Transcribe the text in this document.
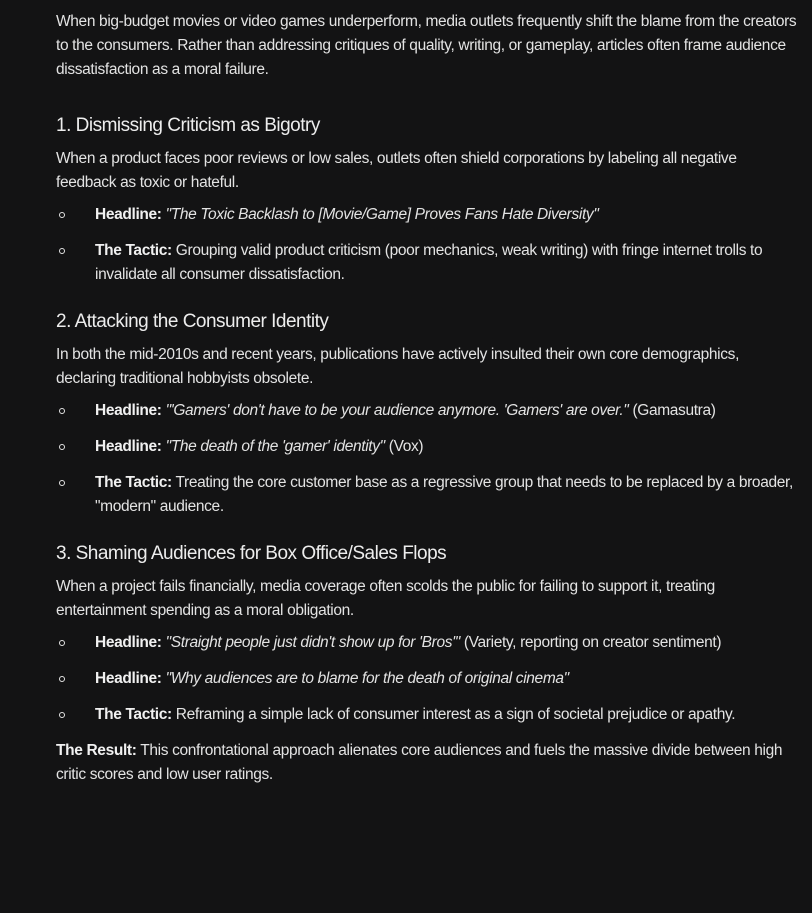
When big-budget movies or video games underperform, media outlets frequently shift the blame from the creators to the consumers. Rather than addressing critiques of quality, writing, or gameplay, articles often frame audience dissatisfaction as a moral failure.

1. Dismissing Criticism as Bigotry

When a product faces poor reviews or low sales, outlets often shield corporations by labeling all negative feedback as toxic or hateful.

Headline: "The Toxic Backlash to [Movie/Game] Proves Fans Hate Diversity"
The Tactic: Grouping valid product criticism (poor mechanics, weak writing) with fringe internet trolls to invalidate all consumer dissatisfaction.
2. Attacking the Consumer Identity

In both the mid-2010s and recent years, publications have actively insulted their own core demographics, declaring traditional hobbyists obsolete.

Headline: "'Gamers' don't have to be your audience anymore. 'Gamers' are over." (Gamasutra)
Headline: "The death of the 'gamer' identity" (Vox)
The Tactic: Treating the core customer base as a regressive group that needs to be replaced by a broader, "modern" audience.
3. Shaming Audiences for Box Office/Sales Flops

When a project fails financially, media coverage often scolds the public for failing to support it, treating entertainment spending as a moral obligation.

Headline: "Straight people just didn't show up for 'Bros'" (Variety, reporting on creator sentiment)
Headline: "Why audiences are to blame for the death of original cinema"
The Tactic: Reframing a simple lack of consumer interest as a sign of societal prejudice or apathy.

The Result: This confrontational approach alienates core audiences and fuels the massive divide between high critic scores and low user ratings.
